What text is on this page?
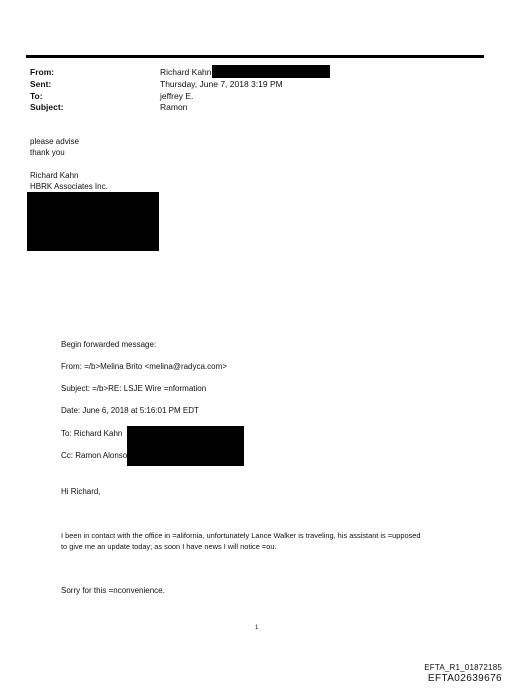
From:	Richard Kahn
Sent:	Thursday, June 7, 2018 3:19 PM
To:	jeffrey E.
Subject:	Ramon
please advise
thank you
Richard Kahn
HBRK Associates Inc.
Begin forwarded message:
From: =/b>Melina Brito <melina@radyca.com>
Subject: =/b>RE: LSJE Wire =nformation
Date: June 6, 2018 at 5:16:01 PM EDT
To: Richard Kahn
Cc: Ramon Alonso
Hi Richard,
I been in contact with the office in =alifornia, unfortunately Lance Walker is traveling, his assistant is =upposed
to give me an update today; as soon I have news I will notice =ou.
Sorry for this =nconvenience.
1
EFTA_R1_01872185
EFTA02639676
